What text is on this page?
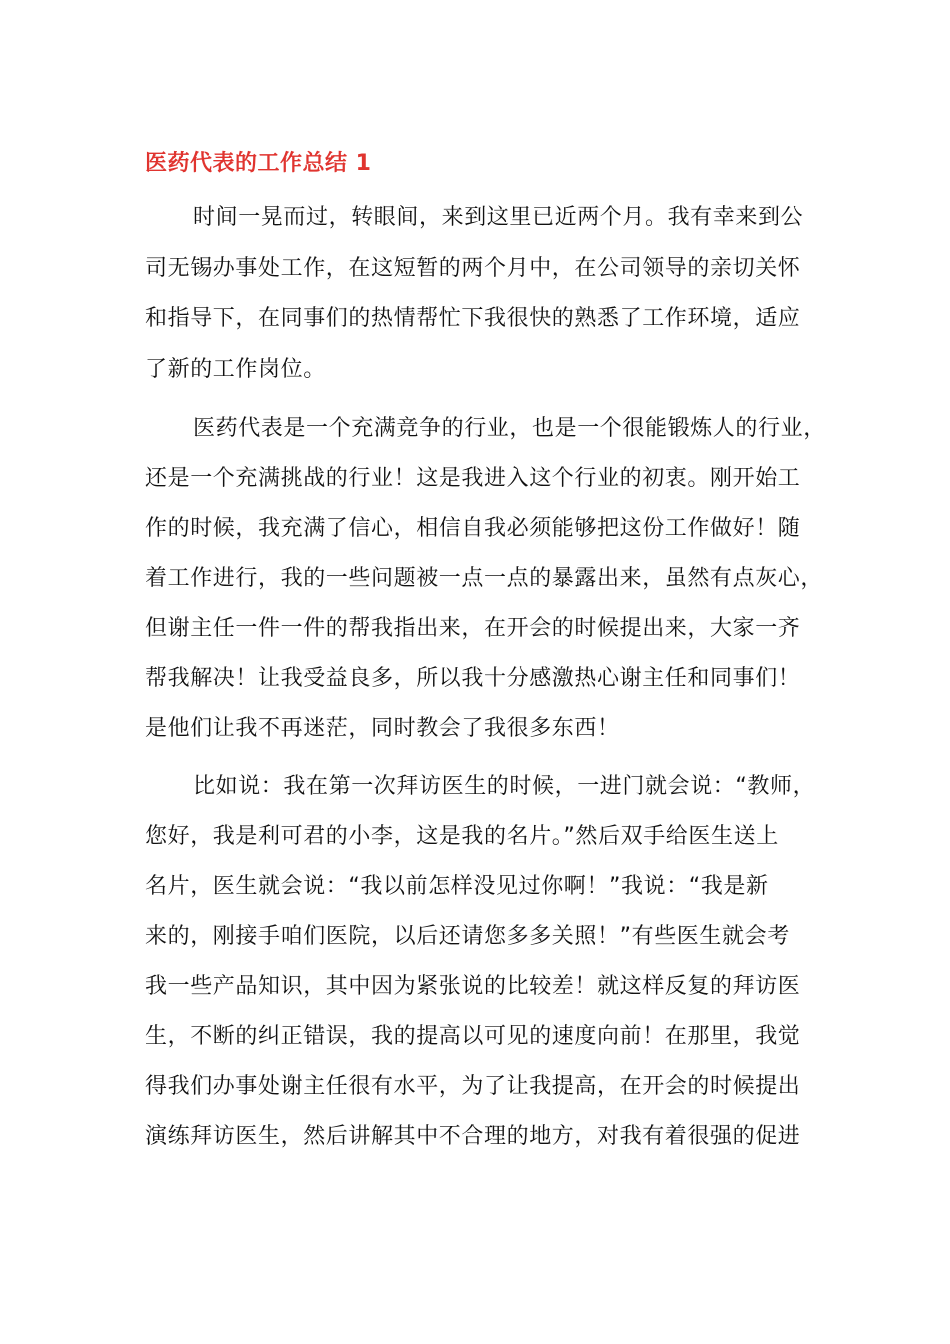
医药代表的工作总结 1

时间一晃而过，转眼间，来到这里已近两个月。我有幸来到公

司无锡办事处工作，在这短暂的两个月中，在公司领导的亲切关怀

和指导下，在同事们的热情帮忙下我很快的熟悉了工作环境，适应

了新的工作岗位。

医药代表是一个充满竞争的行业，也是一个很能锻炼人的行业，

还是一个充满挑战的行业！这是我进入这个行业的初衷。刚开始工

作的时候，我充满了信心，相信自我必须能够把这份工作做好！随

着工作进行，我的一些问题被一点一点的暴露出来，虽然有点灰心，

但谢主任一件一件的帮我指出来，在开会的时候提出来，大家一齐

帮我解决！让我受益良多，所以我十分感激热心谢主任和同事们！

是他们让我不再迷茫，同时教会了我很多东西！

比如说：我在第一次拜访医生的时候，一进门就会说：“教师，

您好，我是利可君的小李，这是我的名片。”然后双手给医生送上

名片，医生就会说：“我以前怎样没见过你啊！”我说：“我是新

来的，刚接手咱们医院，以后还请您多多关照！”有些医生就会考

我一些产品知识，其中因为紧张说的比较差！就这样反复的拜访医

生，不断的纠正错误，我的提高以可见的速度向前！在那里，我觉

得我们办事处谢主任很有水平，为了让我提高，在开会的时候提出

演练拜访医生，然后讲解其中不合理的地方，对我有着很强的促进
